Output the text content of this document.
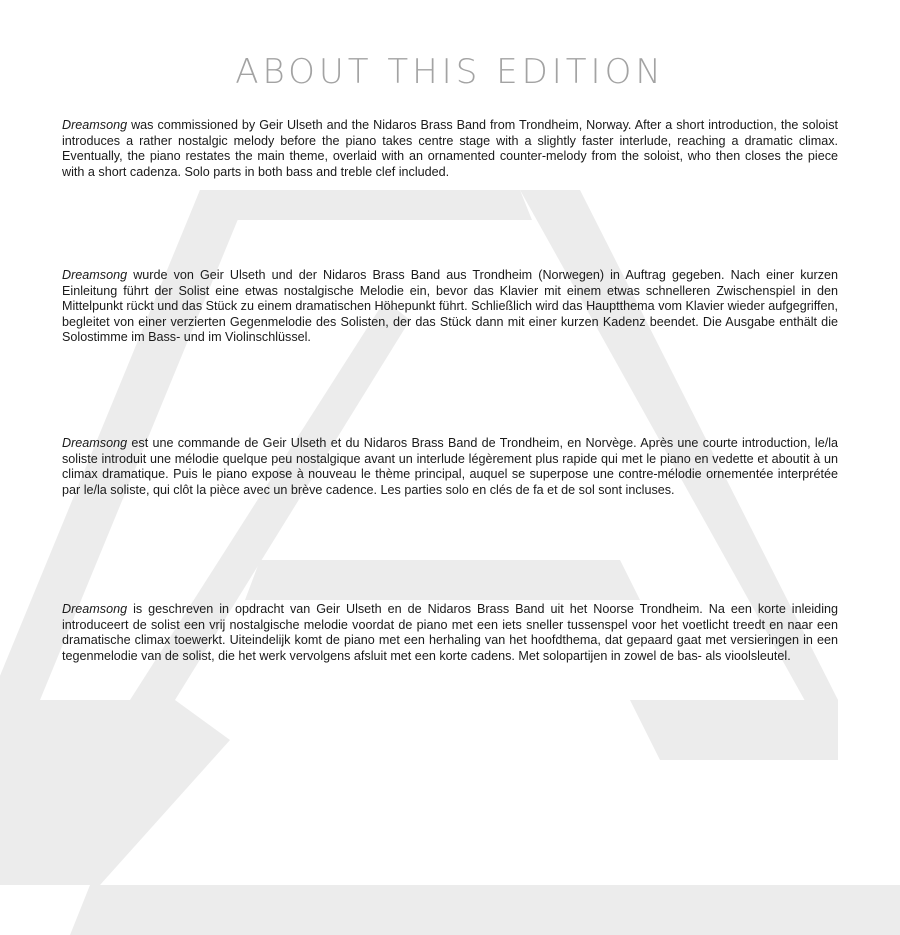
ABOUT THIS EDITION

Dreamsong was commissioned by Geir Ulseth and the Nidaros Brass Band from Trondheim, Norway. After a short introduction, the soloist introduces a rather nostalgic melody before the piano takes centre stage with a slightly faster interlude, reaching a dramatic climax. Eventually, the piano restates the main theme, overlaid with an ornamented counter-melody from the soloist, who then closes the piece with a short cadenza. Solo parts in both bass and treble clef included.

Dreamsong wurde von Geir Ulseth und der Nidaros Brass Band aus Trondheim (Norwegen) in Auftrag gegeben. Nach einer kurzen Einleitung führt der Solist eine etwas nostalgische Melodie ein, bevor das Klavier mit einem etwas schnelleren Zwischenspiel in den Mittelpunkt rückt und das Stück zu einem dramatischen Höhepunkt führt. Schließlich wird das Hauptthema vom Klavier wieder aufgegriffen, begleitet von einer verzierten Gegenmelodie des Solisten, der das Stück dann mit einer kurzen Kadenz beendet. Die Ausgabe enthält die Solostimme im Bass- und im Violinschlüssel.

Dreamsong est une commande de Geir Ulseth et du Nidaros Brass Band de Trondheim, en Norvège. Après une courte introduction, le/la soliste introduit une mélodie quelque peu nostalgique avant un interlude légèrement plus rapide qui met le piano en vedette et aboutit à un climax dramatique. Puis le piano expose à nouveau le thème principal, auquel se superpose une contre-mélodie ornementée interprétée par le/la soliste, qui clôt la pièce avec un brève cadence. Les parties solo en clés de fa et de sol sont incluses.

Dreamsong is geschreven in opdracht van Geir Ulseth en de Nidaros Brass Band uit het Noorse Trondheim. Na een korte inleiding introduceert de solist een vrij nostalgische melodie voordat de piano met een iets sneller tussenspel voor het voetlicht treedt en naar een dramatische climax toewerkt. Uiteindelijk komt de piano met een herhaling van het hoofdthema, dat gepaard gaat met versieringen in een tegenmelodie van de solist, die het werk vervolgens afsluit met een korte cadens. Met solopartijen in zowel de bas- als vioolsleutel.
